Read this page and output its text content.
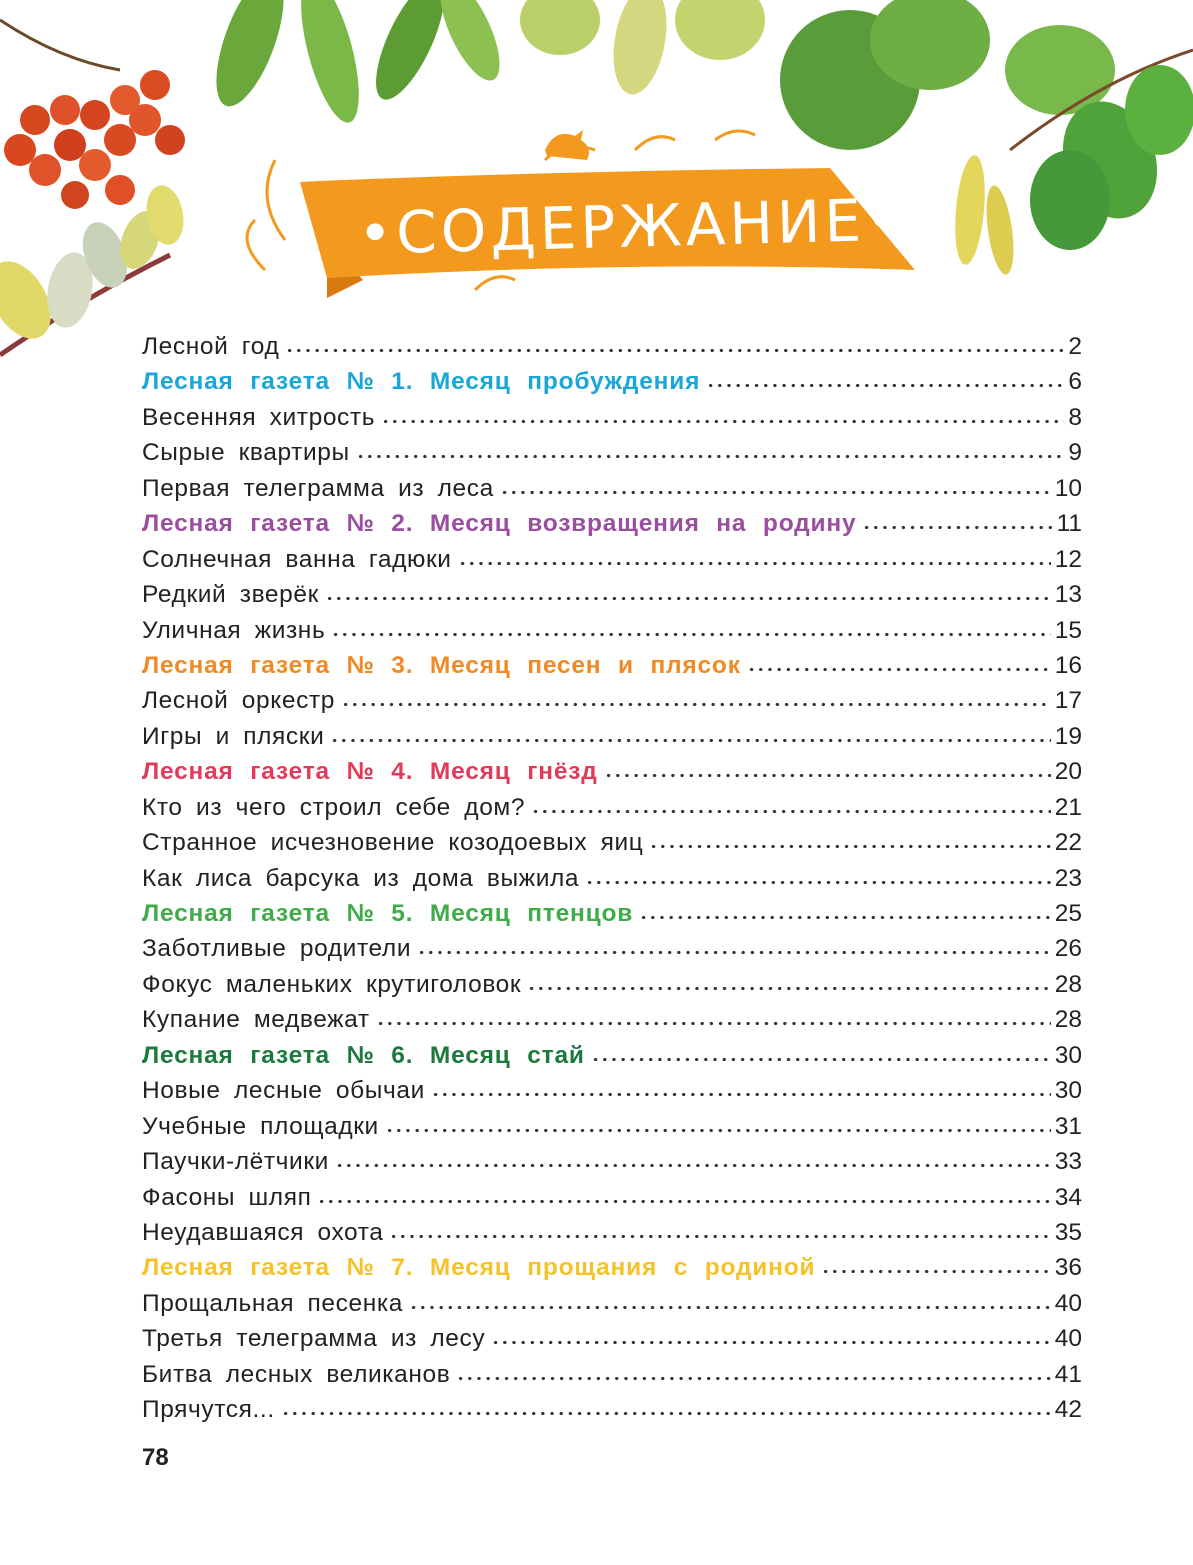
•СОДЕРЖАНИЕ•
Лесной год	2
Лесная газета № 1. Месяц пробуждения	6
Весенняя хитрость	8
Сырые квартиры	9
Первая телеграмма из леса	10
Лесная газета № 2. Месяц возвращения на родину	11
Солнечная ванна гадюки	12
Редкий зверёк	13
Уличная жизнь	15
Лесная газета № 3. Месяц песен и плясок	16
Лесной оркестр	17
Игры и пляски	19
Лесная газета № 4. Месяц гнёзд	20
Кто из чего строил себе дом?	21
Странное исчезновение козодоевых яиц	22
Как лиса барсука из дома выжила	23
Лесная газета № 5. Месяц птенцов	25
Заботливые родители	26
Фокус маленьких крутиголовок	28
Купание медвежат	28
Лесная газета № 6. Месяц стай	30
Новые лесные обычаи	30
Учебные площадки	31
Паучки-лётчики	33
Фасоны шляп	34
Неудавшаяся охота	35
Лесная газета № 7. Месяц прощания с родиной	36
Прощальная песенка	40
Третья телеграмма из лесу	40
Битва лесных великанов	41
Прячутся...	42
78
